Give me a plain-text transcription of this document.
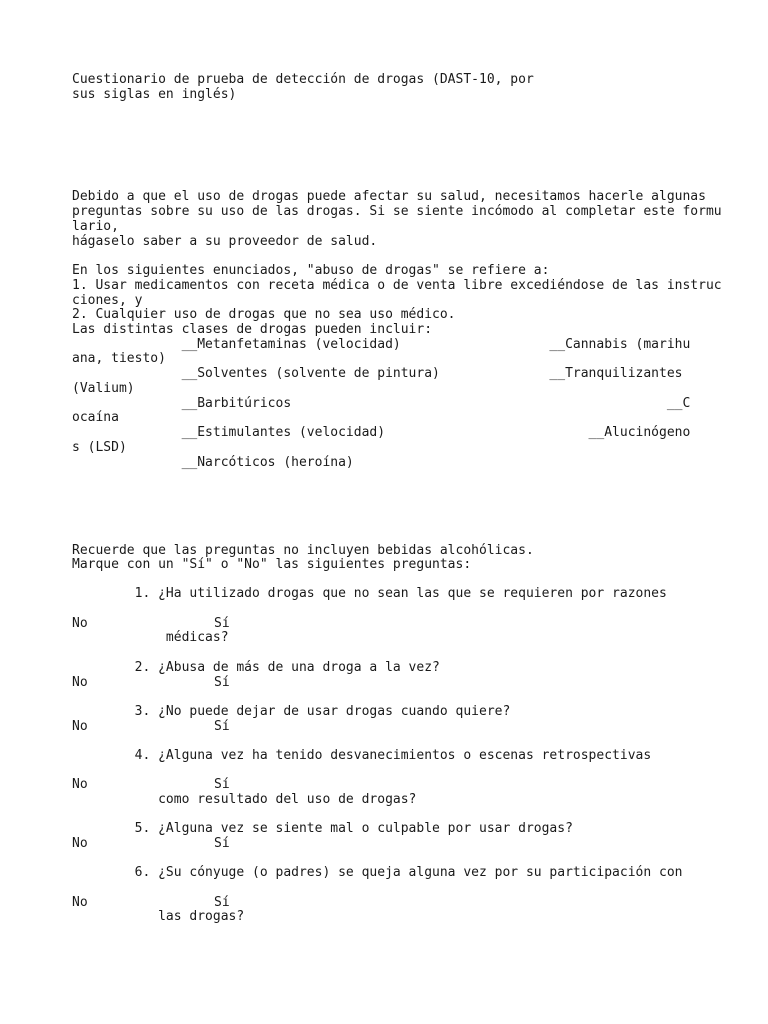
Cuestionario de prueba de detección de drogas (DAST-10, por

sus siglas en inglés)

Debido a que el uso de drogas puede afectar su salud, necesitamos hacerle algunas

preguntas sobre su uso de las drogas. Si se siente incómodo al completar este formu

lario,

hágaselo saber a su proveedor de salud.

En los siguientes enunciados, "abuso de drogas" se refiere a:

1. Usar medicamentos con receta médica o de venta libre excediéndose de las instruc

ciones, y

2. Cualquier uso de drogas que no sea uso médico.

Las distintas clases de drogas pueden incluir:

__Metanfetaminas (velocidad)                   __Cannabis (marihu

ana, tiesto)

__Solventes (solvente de pintura)              __Tranquilizantes

(Valium)

__Barbitúricos                                                __C

ocaína

__Estimulantes (velocidad)                          __Alucinógeno

s (LSD)

__Narcóticos (heroína)

Recuerde que las preguntas no incluyen bebidas alcohólicas.

Marque con un "Sí" o "No" las siguientes preguntas:

1. ¿Ha utilizado drogas que no sean las que se requieren por razones

No	Sí

médicas?

2. ¿Abusa de más de una droga a la vez?

No	Sí

3. ¿No puede dejar de usar drogas cuando quiere?

No	Sí

4. ¿Alguna vez ha tenido desvanecimientos o escenas retrospectivas

No	Sí

como resultado del uso de drogas?

5. ¿Alguna vez se siente mal o culpable por usar drogas?

No	Sí

6. ¿Su cónyuge (o padres) se queja alguna vez por su participación con

No	Sí

las drogas?
